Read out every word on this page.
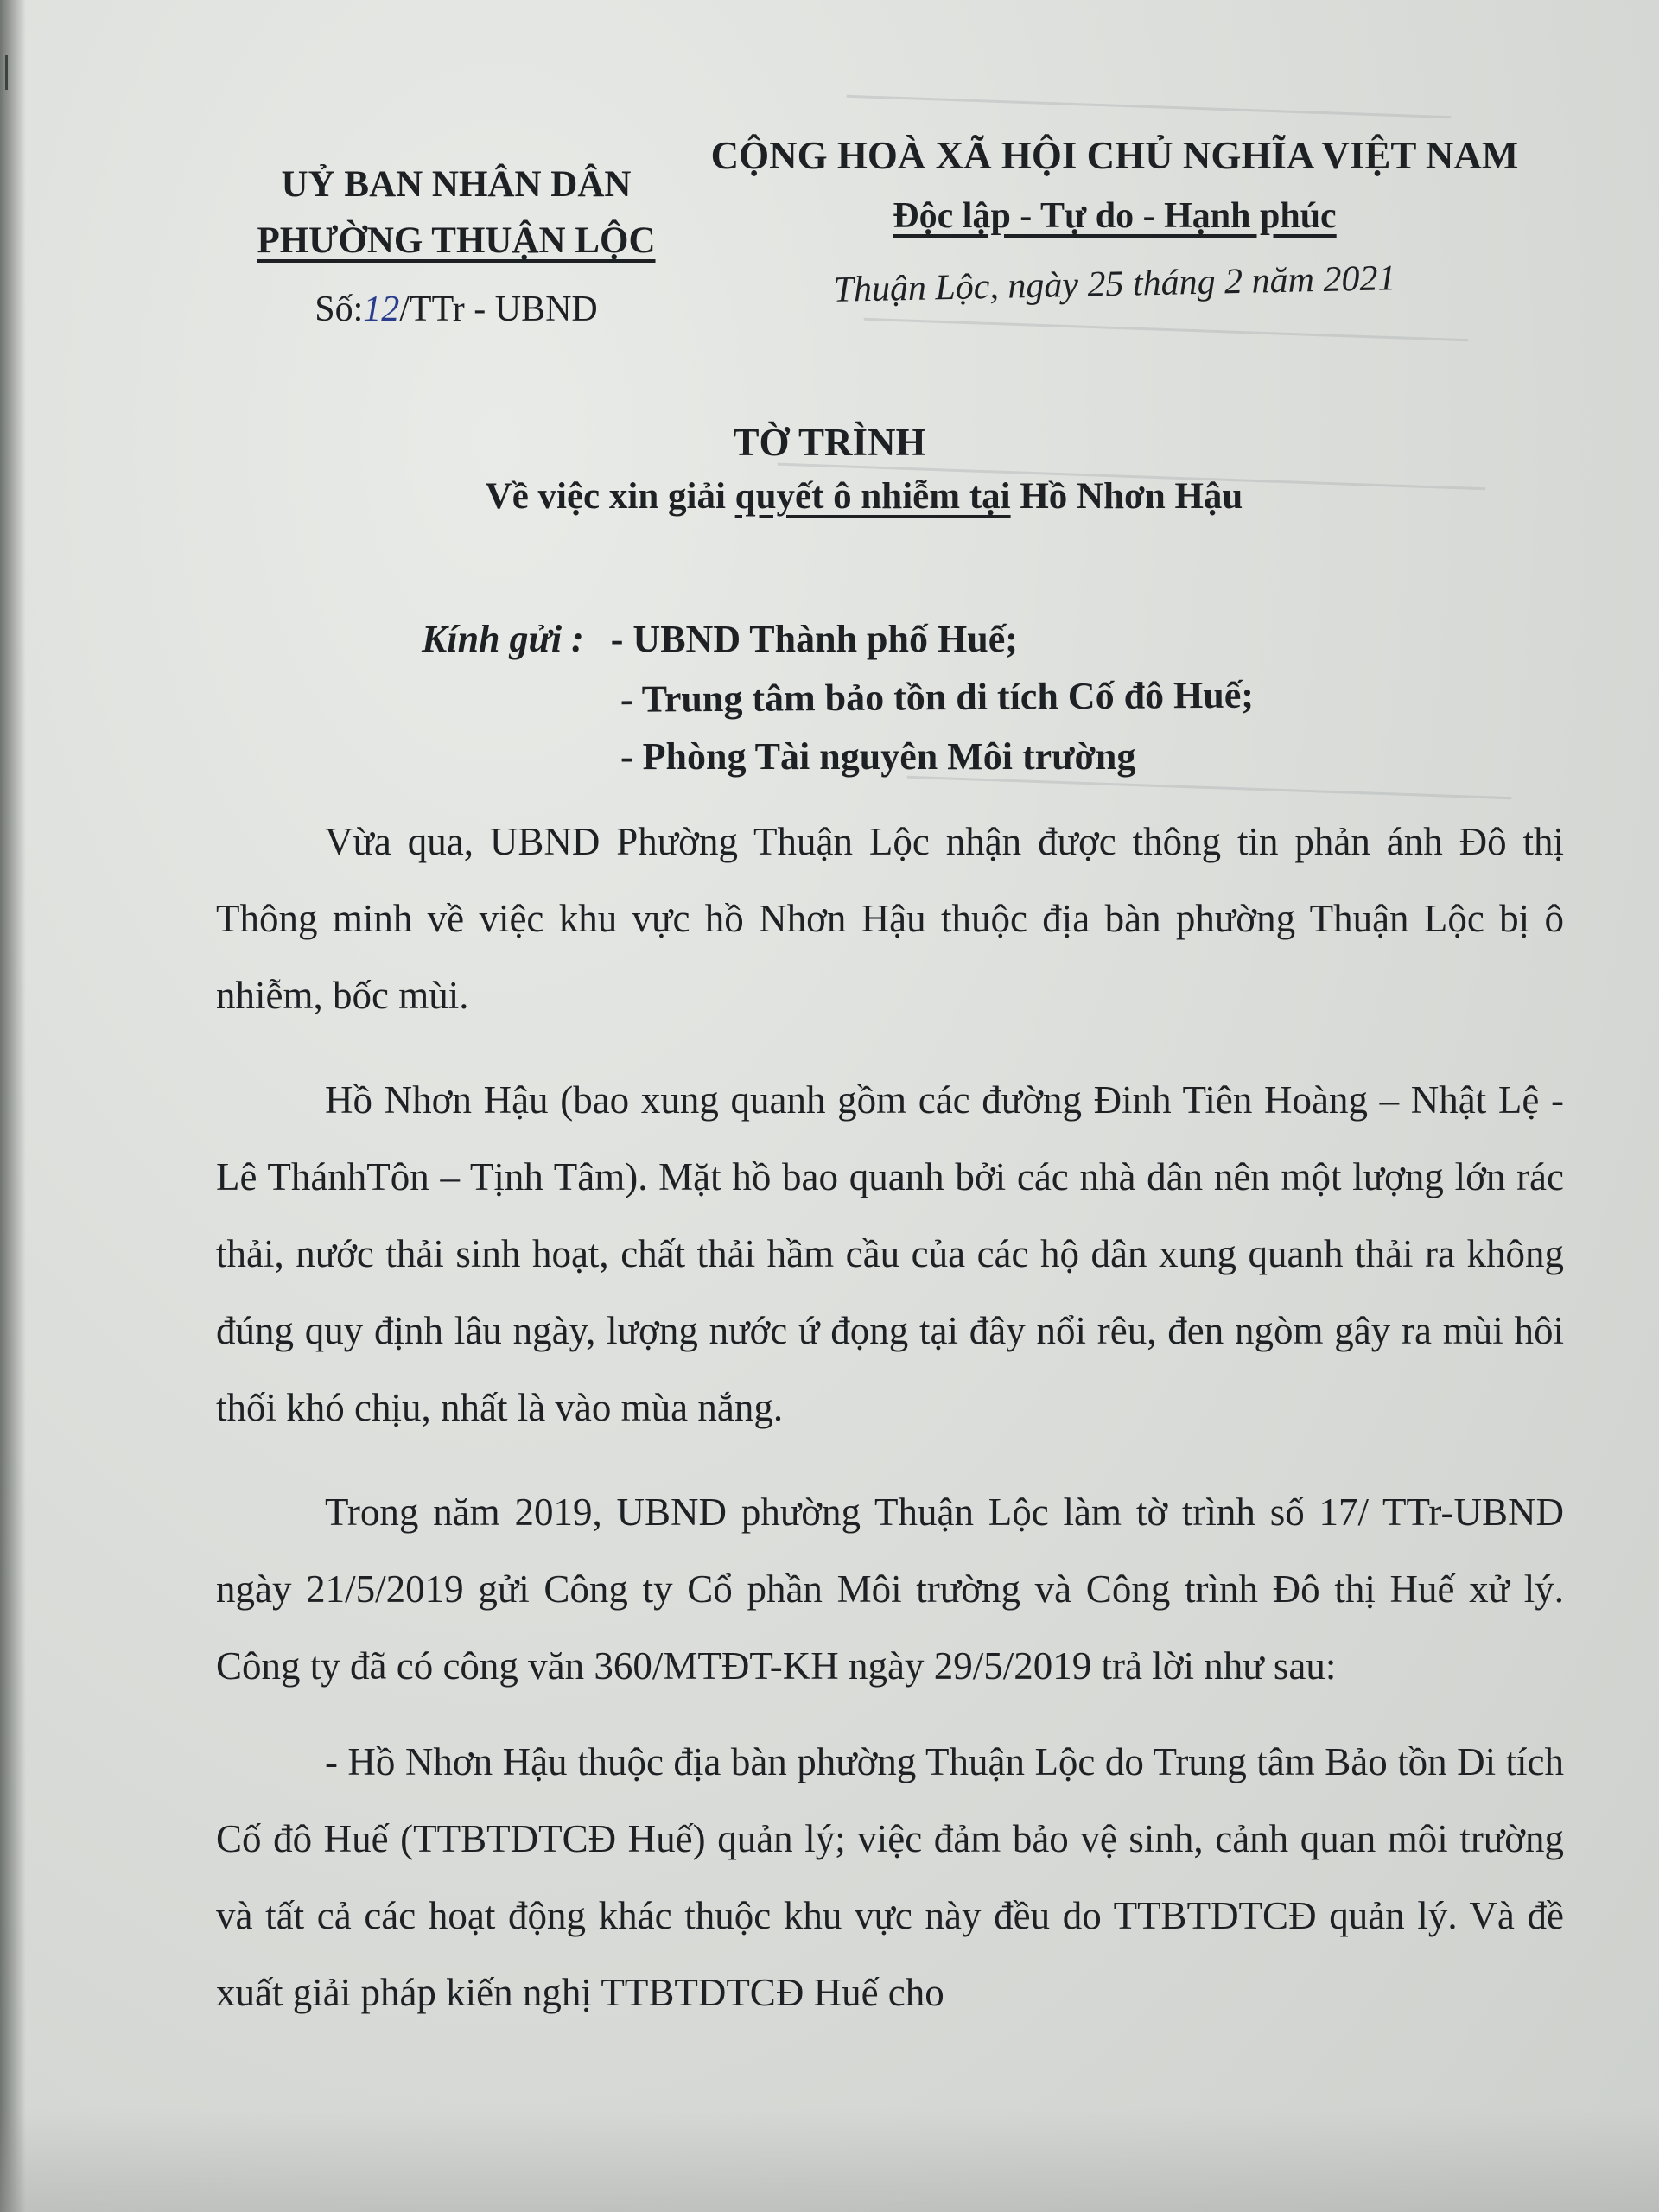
UỶ BAN NHÂN DÂN
PHƯỜNG THUẬN LỘC
Số:12/TTr - UBND
CỘNG HOÀ XÃ HỘI CHỦ NGHĨA VIỆT NAM
Độc lập - Tự do - Hạnh phúc
Thuận Lộc, ngày 25 tháng 2 năm 2021
TỜ TRÌNH
Về việc xin giải quyết ô nhiễm tại Hồ Nhơn Hậu
Kính gửi : - UBND Thành phố Huế;
- Trung tâm bảo tồn di tích Cố đô Huế;
- Phòng Tài nguyên Môi trường

Vừa qua, UBND Phường Thuận Lộc nhận được thông tin phản ánh Đô thị Thông minh về việc khu vực hồ Nhơn Hậu thuộc địa bàn phường Thuận Lộc bị ô nhiễm, bốc mùi.

Hồ Nhơn Hậu (bao xung quanh gồm các đường Đinh Tiên Hoàng – Nhật Lệ - Lê ThánhTôn – Tịnh Tâm). Mặt hồ bao quanh bởi các nhà dân nên một lượng lớn rác thải, nước thải sinh hoạt, chất thải hầm cầu của các hộ dân xung quanh thải ra không đúng quy định lâu ngày, lượng nước ứ đọng tại đây nổi rêu, đen ngòm gây ra mùi hôi thối khó chịu, nhất là vào mùa nắng.

Trong năm 2019, UBND phường Thuận Lộc làm tờ trình số 17/ TTr-UBND ngày 21/5/2019 gửi Công ty Cổ phần Môi trường và Công trình Đô thị Huế xử lý. Công ty đã có công văn 360/MTĐT-KH ngày 29/5/2019 trả lời như sau:

- Hồ Nhơn Hậu thuộc địa bàn phường Thuận Lộc do Trung tâm Bảo tồn Di tích Cố đô Huế (TTBTDTCĐ Huế) quản lý; việc đảm bảo vệ sinh, cảnh quan môi trường và tất cả các hoạt động khác thuộc khu vực này đều do TTBTDTCĐ quản lý. Và đề xuất giải pháp kiến nghị TTBTDTCĐ Huế cho
